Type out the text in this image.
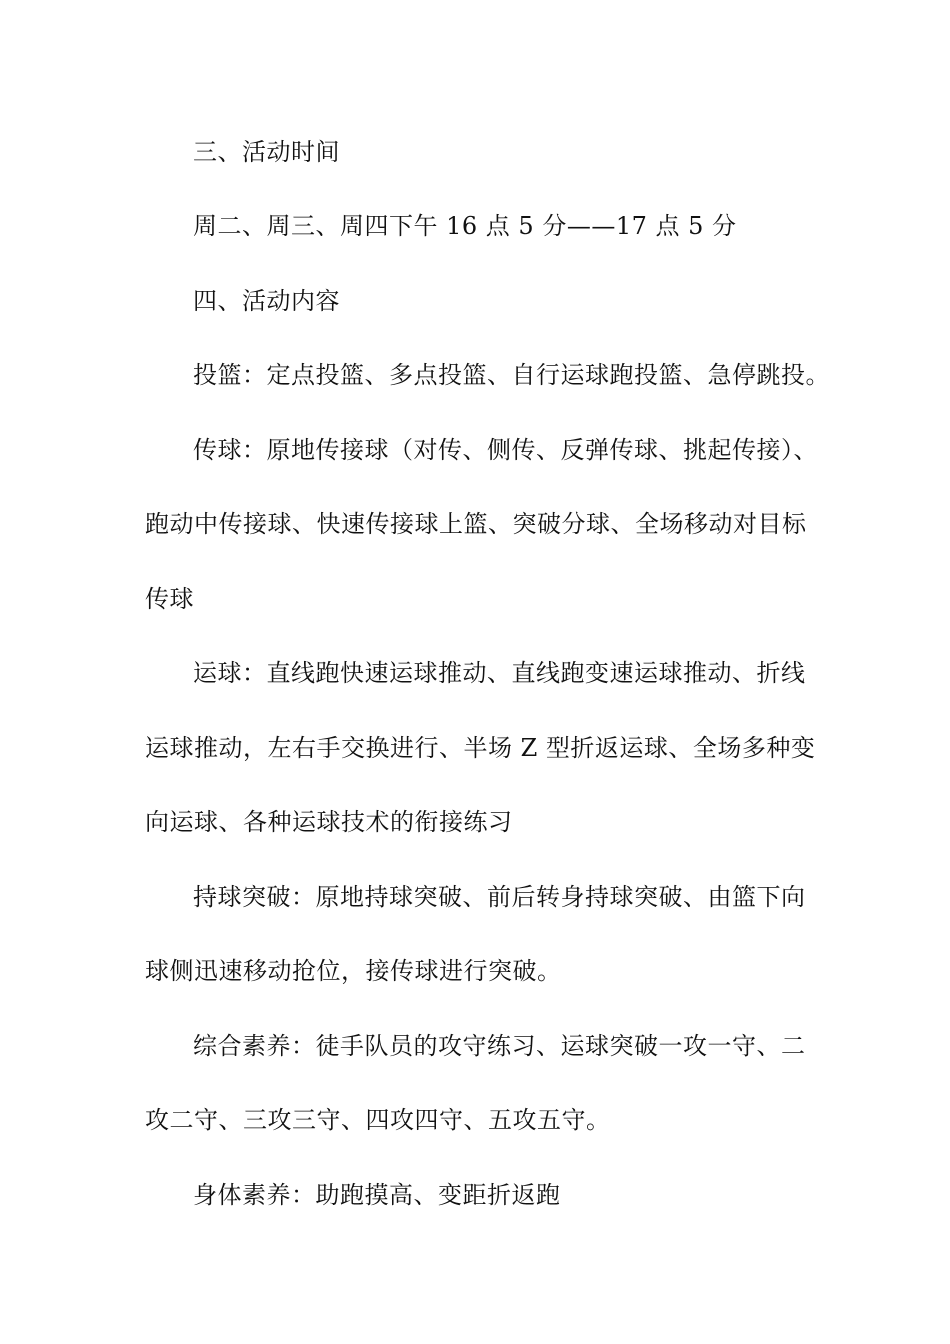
三、活动时间
周二、周三、周四下午 16 点 5 分——17 点 5 分
四、活动内容
投篮：定点投篮、多点投篮、自行运球跑投篮、急停跳投。
传球：原地传接球（对传、侧传、反弹传球、挑起传接）、
跑动中传接球、快速传接球上篮、突破分球、全场移动对目标
传球
运球：直线跑快速运球推动、直线跑变速运球推动、折线
运球推动，左右手交换进行、半场 Z 型折返运球、全场多种变
向运球、各种运球技术的衔接练习
持球突破：原地持球突破、前后转身持球突破、由篮下向
球侧迅速移动抢位，接传球进行突破。
综合素养：徒手队员的攻守练习、运球突破一攻一守、二
攻二守、三攻三守、四攻四守、五攻五守。
身体素养：助跑摸高、变距折返跑
